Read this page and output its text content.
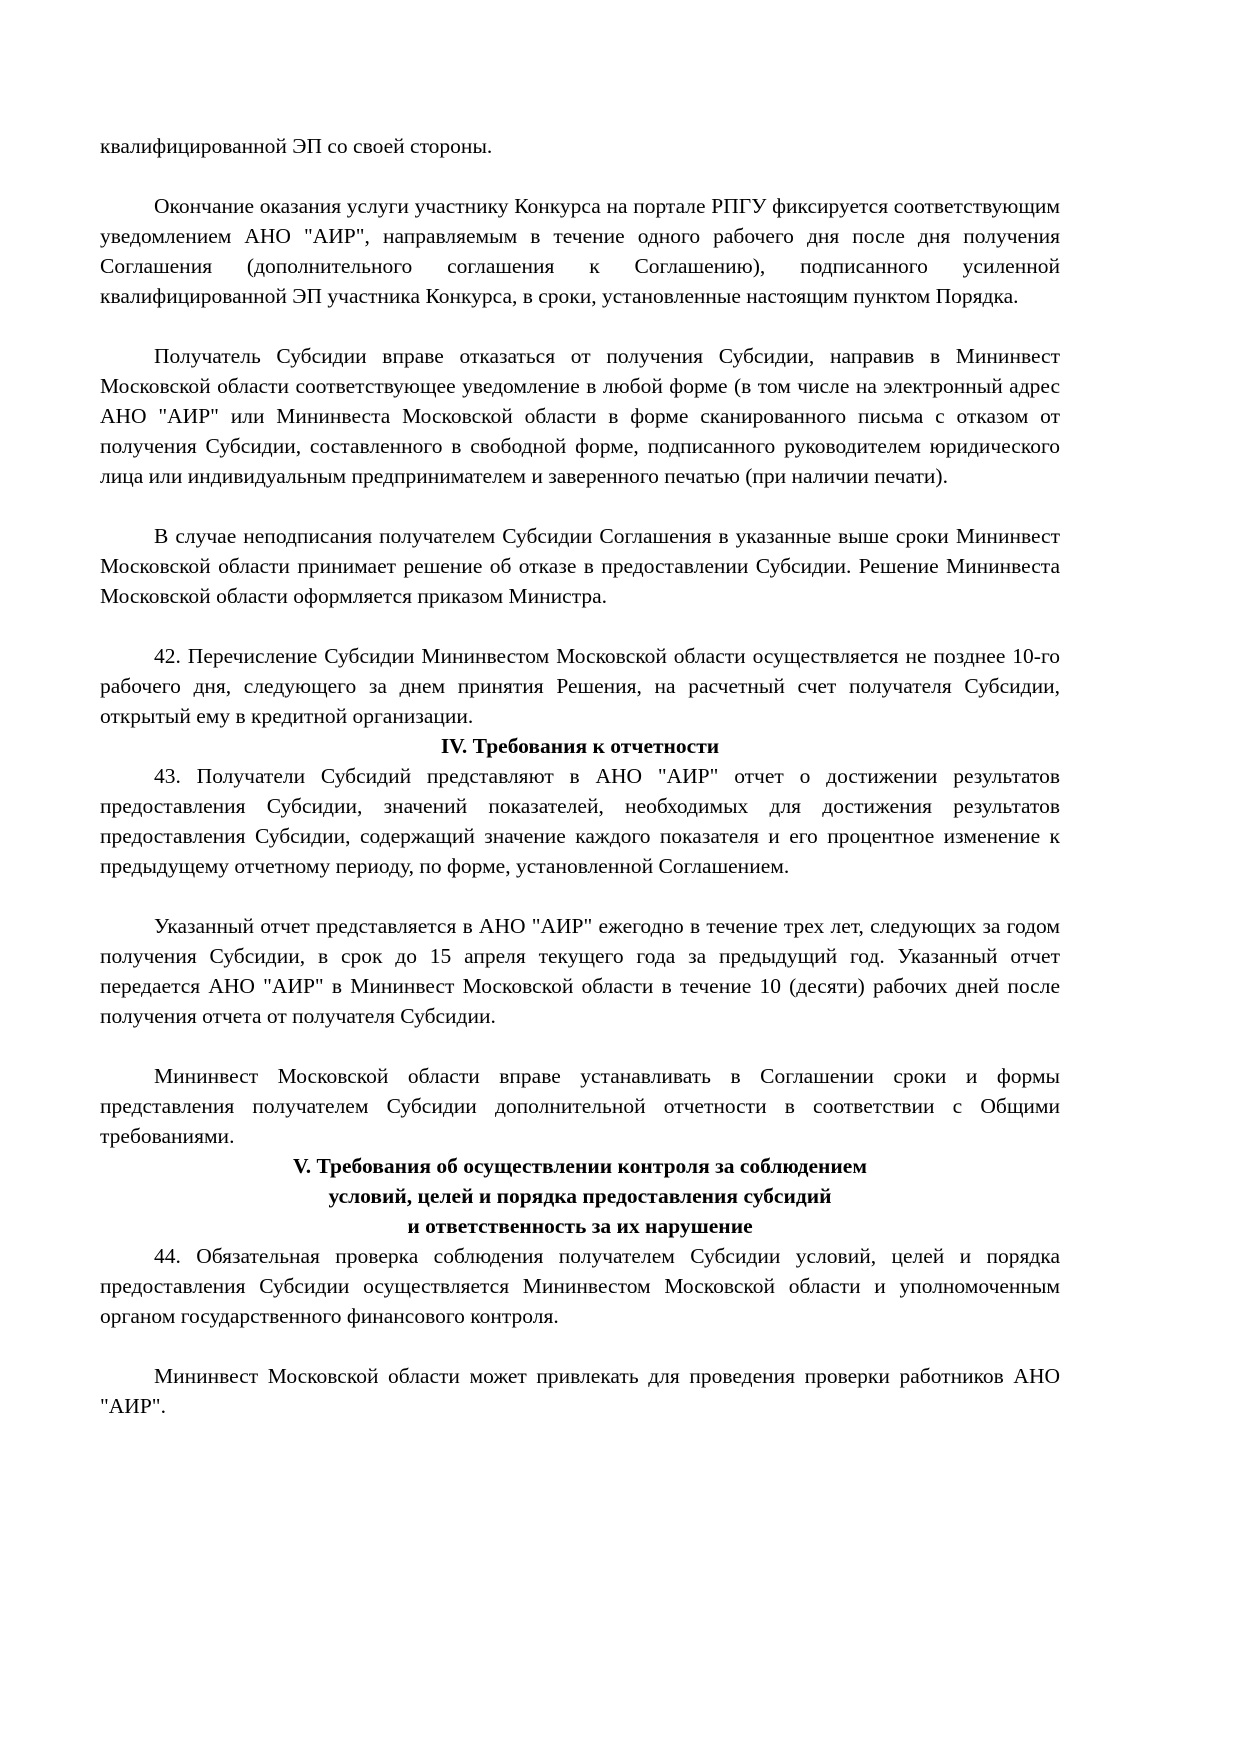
квалифицированной ЭП со своей стороны.

Окончание оказания услуги участнику Конкурса на портале РПГУ фиксируется соответствующим уведомлением АНО "АИР", направляемым в течение одного рабочего дня после дня получения Соглашения (дополнительного соглашения к Соглашению), подписанного усиленной квалифицированной ЭП участника Конкурса, в сроки, установленные настоящим пунктом Порядка.

Получатель Субсидии вправе отказаться от получения Субсидии, направив в Мининвест Московской области соответствующее уведомление в любой форме (в том числе на электронный адрес АНО "АИР" или Мининвеста Московской области в форме сканированного письма с отказом от получения Субсидии, составленного в свободной форме, подписанного руководителем юридического лица или индивидуальным предпринимателем и заверенного печатью (при наличии печати).

В случае неподписания получателем Субсидии Соглашения в указанные выше сроки Мининвест Московской области принимает решение об отказе в предоставлении Субсидии. Решение Мининвеста Московской области оформляется приказом Министра.

42. Перечисление Субсидии Мининвестом Московской области осуществляется не позднее 10-го рабочего дня, следующего за днем принятия Решения, на расчетный счет получателя Субсидии, открытый ему в кредитной организации.

IV. Требования к отчетности

43. Получатели Субсидий представляют в АНО "АИР" отчет о достижении результатов предоставления Субсидии, значений показателей, необходимых для достижения результатов предоставления Субсидии, содержащий значение каждого показателя и его процентное изменение к предыдущему отчетному периоду, по форме, установленной Соглашением.

Указанный отчет представляется в АНО "АИР" ежегодно в течение трех лет, следующих за годом получения Субсидии, в срок до 15 апреля текущего года за предыдущий год. Указанный отчет передается АНО "АИР" в Мининвест Московской области в течение 10 (десяти) рабочих дней после получения отчета от получателя Субсидии.

Мининвест Московской области вправе устанавливать в Соглашении сроки и формы представления получателем Субсидии дополнительной отчетности в соответствии с Общими требованиями.

V. Требования об осуществлении контроля за соблюдением
условий, целей и порядка предоставления субсидий
и ответственность за их нарушение

44. Обязательная проверка соблюдения получателем Субсидии условий, целей и порядка предоставления Субсидии осуществляется Мининвестом Московской области и уполномоченным органом государственного финансового контроля.

Мининвест Московской области может привлекать для проведения проверки работников АНО "АИР".
